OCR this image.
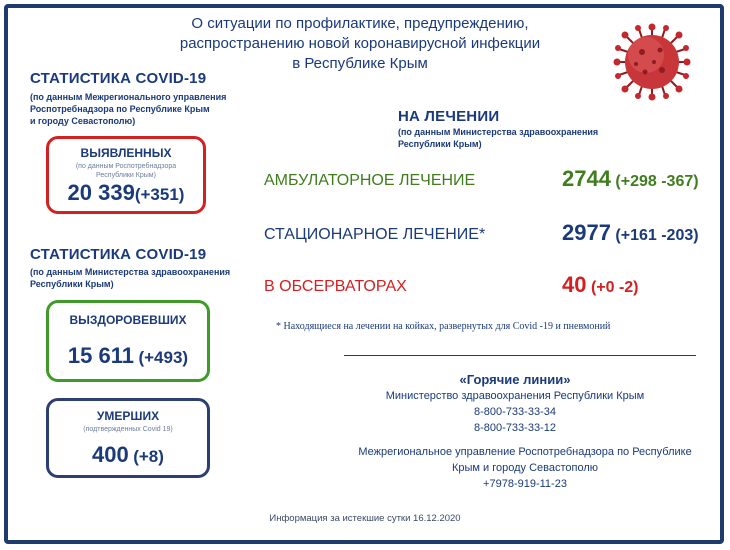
О ситуации по профилактике, предупреждению,
распространению новой коронавирусной инфекции
в Республике Крым
СТАТИСТИКА COVID-19
(по данным Межрегионального управления
Роспотребнадзора по Республике Крым
и городу Севастополю)
ВЫЯВЛЕННЫХ
(по данным Роспотребнадзора
Республики Крым)
20 339(+351)
СТАТИСТИКА COVID-19
(по данным Министерства здравоохранения
Республики Крым)
ВЫЗДОРОВЕВШИХ
15 611 (+493)
УМЕРШИХ
(подтвержденных Covid 19)
400 (+8)
НА ЛЕЧЕНИИ
(по данным Министерства здравоохранения
Республики Крым)
АМБУЛАТОРНОЕ ЛЕЧЕНИЕ	2744 (+298 -367)
СТАЦИОНАРНОЕ ЛЕЧЕНИЕ*	2977 (+161 -203)
В ОБСЕРВАТОРАХ	40 (+0 -2)
* Находящиеся на лечении на койках, развернутых для Covid -19 и пневмоний
«Горячие линии»
Министерство здравоохранения Республики Крым
8-800-733-33-34
8-800-733-33-12
Межрегиональное управление Роспотребнадзора по Республике
Крым и городу Севастополю
+7978-919-11-23
Информация за истекшие сутки 16.12.2020
